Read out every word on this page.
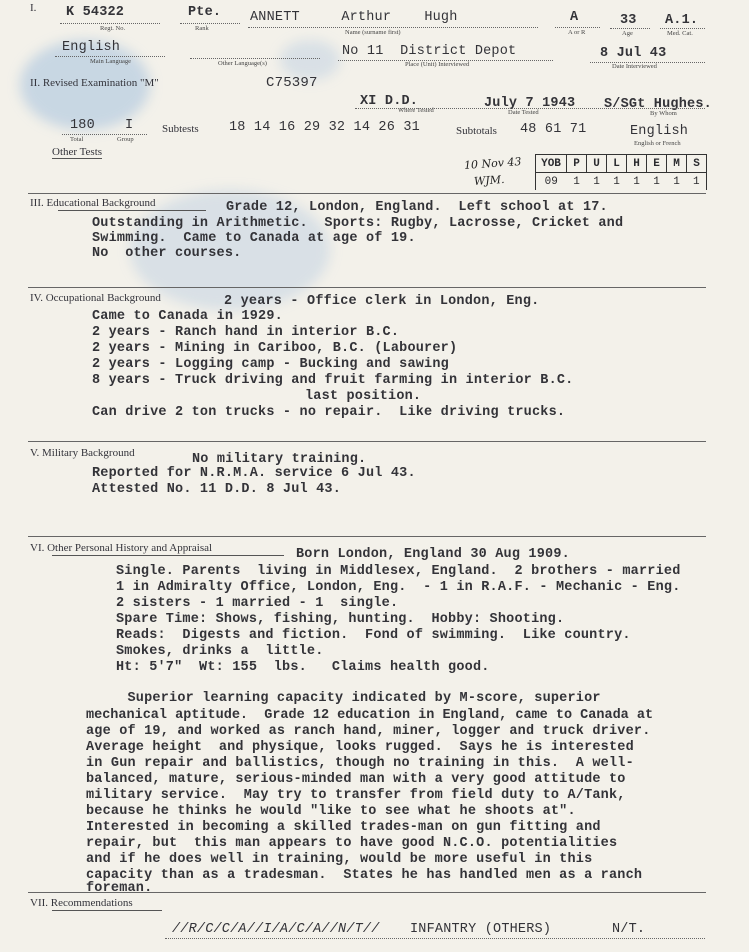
I. K 54322
Regt. No.
Pte.
Rank
ANNETT     Arthur    Hugh
Name (surname first)
A
A or R
33
Age
A.1.
Med. Cat.
English
Main Language	Other Language(s)
No 11  District Depot
Place (Unit) Interviewed
8 Jul 43
Date Interviewed
II. Revised Examination "M"	C75397
XI D.D.
Where Tested	July 7 1943
Date Tested
S/SGt Hughes.
By Whom
180
Total
I
Group
Subtests 18 14 16 29 32 14 26 31	Subtotals 48 61 71	English
English or French
Other Tests
10 Nov 43
WJM.
YOB	P	U	L	H	E	M	S
09	1	1	1	1	1	1	1
III. Educational Background	Grade 12, London, England.  Left school at 17.
Outstanding in Arithmetic.  Sports: Rugby, Lacrosse, Cricket and
Swimming.  Came to Canada at age of 19.
No  other courses.
IV. Occupational Background	2 years - Office clerk in London, Eng.
Came to Canada in 1929.
2 years - Ranch hand in interior B.C.
2 years - Mining in Cariboo, B.C. (Labourer)
2 years - Logging camp - Bucking and sawing
8 years - Truck driving and fruit farming in interior B.C.
last position.
Can drive 2 ton trucks - no repair.  Like driving trucks.
V. Military Background	No military training.
Reported for N.R.M.A. service 6 Jul 43.
Attested No. 11 D.D. 8 Jul 43.
VI. Other Personal History and Appraisal	Born London, England 30 Aug 1909.
Single. Parents  living in Middlesex, England.  2 brothers - married
1 in Admiralty Office, London, Eng.  - 1 in R.A.F. - Mechanic - Eng.
2 sisters - 1 married - 1  single.
Spare Time: Shows, fishing, hunting.  Hobby: Shooting.
Reads:  Digests and fiction.  Fond of swimming.  Like country.
Smokes, drinks a  little.
Ht: 5'7"  Wt: 155  lbs.   Claims health good.
Superior learning capacity indicated by M-score, superior
mechanical aptitude.  Grade 12 education in England, came to Canada at
age of 19, and worked as ranch hand, miner, logger and truck driver.
Average height  and physique, looks rugged.  Says he is interested
in Gun repair and ballistics, though no training in this.  A well-
balanced, mature, serious-minded man with a very good attitude to
military service.  May try to transfer from field duty to A/Tank,
because he thinks he would "like to see what he shoots at".
Interested in becoming a skilled trades-man on gun fitting and
repair, but  this man appears to have good N.C.O. potentialities
and if he does well in training, would be more useful in this
capacity than as a tradesman.  States he has handled men as a ranch
foreman.
VII. Recommendations
//R/C/C/A//I/A/C/A//N/T// INFANTRY (OTHERS)	N/T.
